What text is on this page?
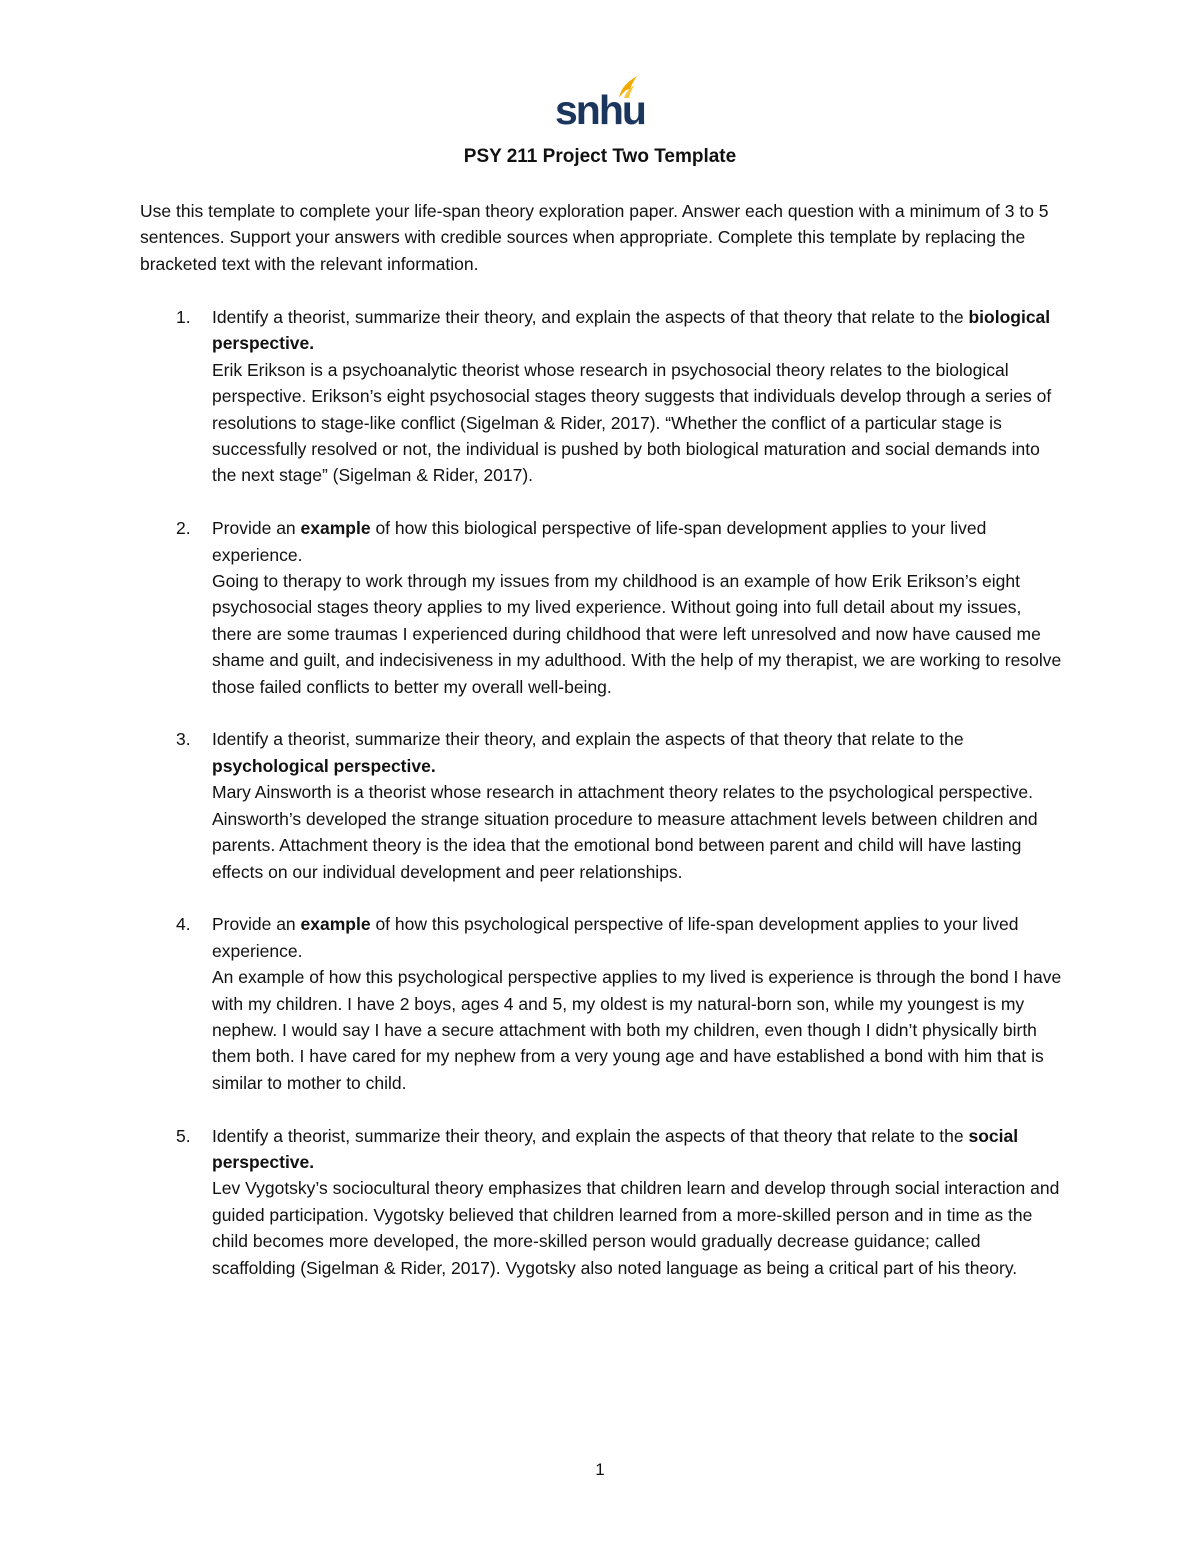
snhu
PSY 211 Project Two Template
Use this template to complete your life-span theory exploration paper. Answer each question with a minimum of 3 to 5 sentences. Support your answers with credible sources when appropriate. Complete this template by replacing the bracketed text with the relevant information.
1. Identify a theorist, summarize their theory, and explain the aspects of that theory that relate to the biological perspective.
Erik Erikson is a psychoanalytic theorist whose research in psychosocial theory relates to the biological perspective. Erikson’s eight psychosocial stages theory suggests that individuals develop through a series of resolutions to stage-like conflict (Sigelman & Rider, 2017). “Whether the conflict of a particular stage is successfully resolved or not, the individual is pushed by both biological maturation and social demands into the next stage” (Sigelman & Rider, 2017).
2. Provide an example of how this biological perspective of life-span development applies to your lived experience.
Going to therapy to work through my issues from my childhood is an example of how Erik Erikson’s eight psychosocial stages theory applies to my lived experience. Without going into full detail about my issues, there are some traumas I experienced during childhood that were left unresolved and now have caused me shame and guilt, and indecisiveness in my adulthood. With the help of my therapist, we are working to resolve those failed conflicts to better my overall well-being.
3. Identify a theorist, summarize their theory, and explain the aspects of that theory that relate to the psychological perspective.
Mary Ainsworth is a theorist whose research in attachment theory relates to the psychological perspective. Ainsworth’s developed the strange situation procedure to measure attachment levels between children and parents. Attachment theory is the idea that the emotional bond between parent and child will have lasting effects on our individual development and peer relationships.
4. Provide an example of how this psychological perspective of life-span development applies to your lived experience.
An example of how this psychological perspective applies to my lived is experience is through the bond I have with my children. I have 2 boys, ages 4 and 5, my oldest is my natural-born son, while my youngest is my nephew. I would say I have a secure attachment with both my children, even though I didn’t physically birth them both. I have cared for my nephew from a very young age and have established a bond with him that is similar to mother to child.
5. Identify a theorist, summarize their theory, and explain the aspects of that theory that relate to the social perspective.
Lev Vygotsky’s sociocultural theory emphasizes that children learn and develop through social interaction and guided participation. Vygotsky believed that children learned from a more-skilled person and in time as the child becomes more developed, the more-skilled person would gradually decrease guidance; called scaffolding (Sigelman & Rider, 2017). Vygotsky also noted language as being a critical part of his theory.
1
